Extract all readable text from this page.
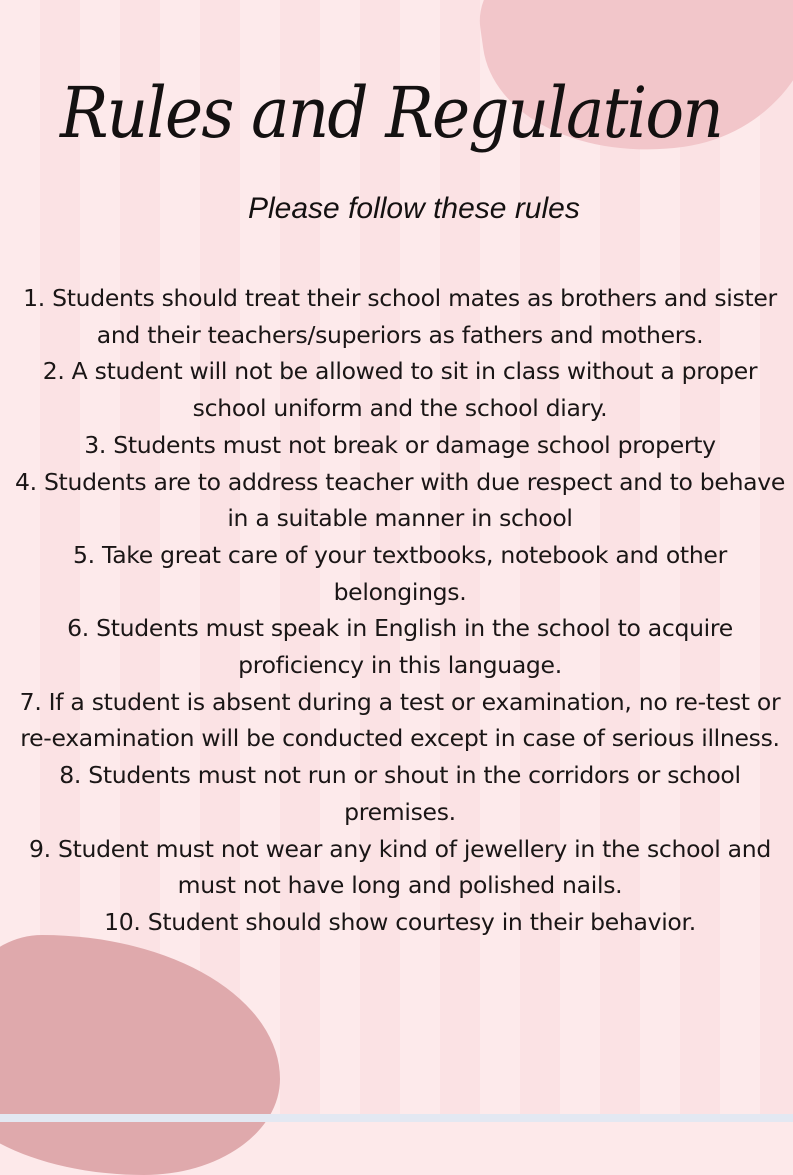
Rules and Regulation
Please follow these rules
1. Students should treat their school mates as brothers and sister and their teachers/superiors as fathers and mothers.
2. A student will not be allowed to sit in class without a proper school uniform and the school diary.
3. Students must not break or damage school property
4. Students are to address teacher with due respect and to behave in a suitable manner in school
5. Take great care of your textbooks, notebook and other belongings.
6. Students must speak in English in the school to acquire proficiency in this language.
7. If a student is absent during a test or examination, no re-test or re-examination will be conducted except in case of serious illness.
8. Students must not run or shout in the corridors or school premises.
9. Student must not wear any kind of jewellery in the school and must not have long and polished nails.
10. Student should show courtesy in their behavior.
